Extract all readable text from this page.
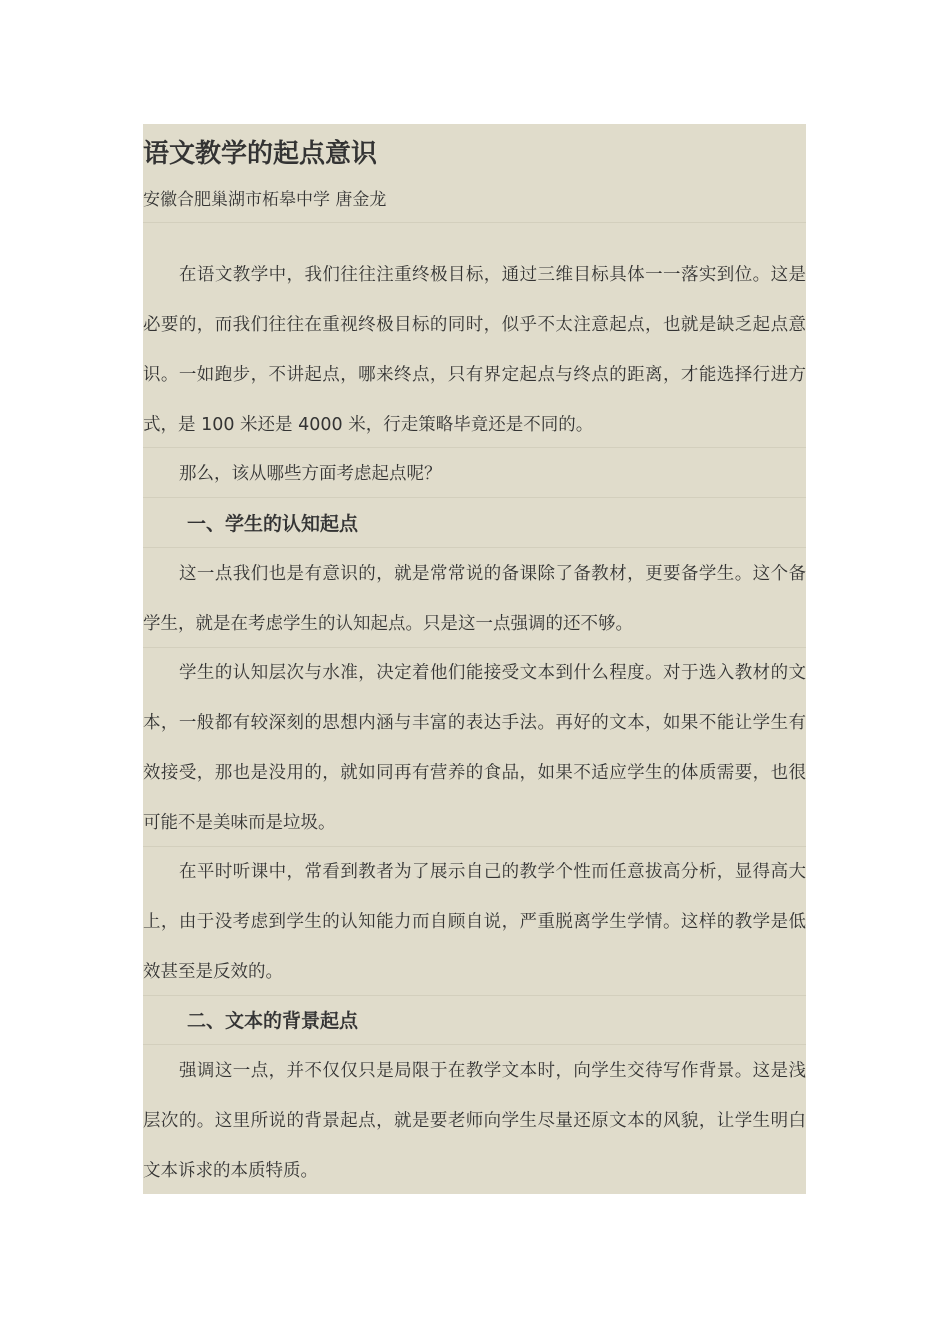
语文教学的起点意识

安徽合肥巢湖市柘皋中学 唐金龙

在语文教学中，我们往往注重终极目标，通过三维目标具体一一落实到位。这是必要的，而我们往往在重视终极目标的同时，似乎不太注意起点，也就是缺乏起点意识。一如跑步，不讲起点，哪来终点，只有界定起点与终点的距离，才能选择行进方式，是 100 米还是 4000 米，行走策略毕竟还是不同的。

那么，该从哪些方面考虑起点呢？

一、学生的认知起点

这一点我们也是有意识的，就是常常说的备课除了备教材，更要备学生。这个备学生，就是在考虑学生的认知起点。只是这一点强调的还不够。

学生的认知层次与水准，决定着他们能接受文本到什么程度。对于选入教材的文本，一般都有较深刻的思想内涵与丰富的表达手法。再好的文本，如果不能让学生有效接受，那也是没用的，就如同再有营养的食品，如果不适应学生的体质需要，也很可能不是美味而是垃圾。

在平时听课中，常看到教者为了展示自己的教学个性而任意拔高分析，显得高大上，由于没考虑到学生的认知能力而自顾自说，严重脱离学生学情。这样的教学是低效甚至是反效的。

二、文本的背景起点

强调这一点，并不仅仅只是局限于在教学文本时，向学生交待写作背景。这是浅层次的。这里所说的背景起点，就是要老师向学生尽量还原文本的风貌，让学生明白文本诉求的本质特质。
